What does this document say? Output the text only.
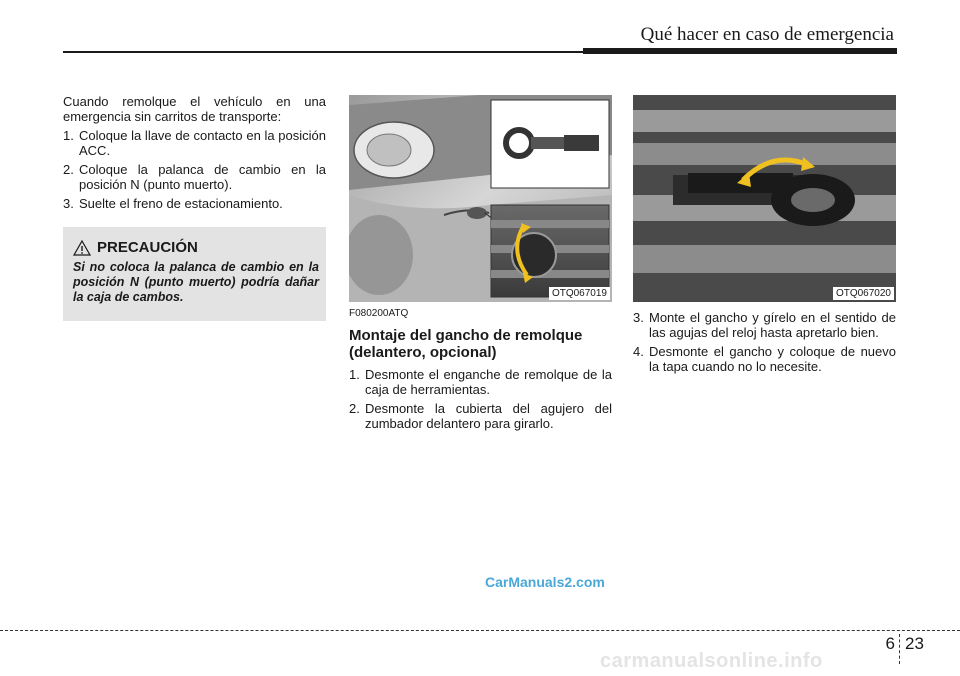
Qué hacer en caso de emergencia

Cuando remolque el vehículo en una emergencia sin carritos de transporte:

1. Coloque la llave de contacto en la posición ACC.
2. Coloque la palanca de cambio en la posición N (punto muerto).
3. Suelte el freno de estacionamiento.
PRECAUCIÓN
Si no coloca la palanca de cambio en la posición N (punto muerto) podría dañar la caja de cambos.	OTQ067019	OTQ067020
F080200ATQ
Montaje del gancho de remolque (delantero, opcional)
1. Desmonte el enganche de remolque de la caja de herramientas.
2. Desmonte la cubierta del agujero del zumbador delantero para girarlo.
3. Monte el gancho y gírelo en el sentido de las agujas del reloj hasta apretarlo bien.
4. Desmonte el gancho y coloque de nuevo la tapa cuando no lo necesite.
CarManuals2.com
carmanualsonline.info
6 23
